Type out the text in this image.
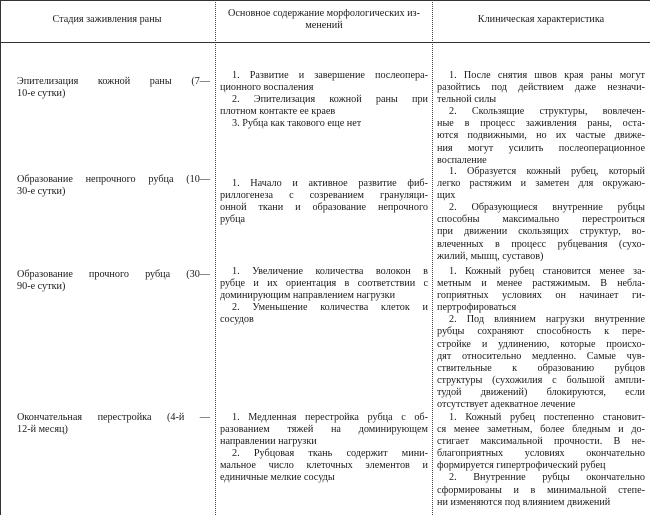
Стадия заживления раны
Основное содержание морфологических из-
менений
Клиническая характеристика
Эпителизация кожной раны (7—
10-е сутки)
1. Развитие и завершение послеопера-
ционного воспаления
2. Эпителизация кожной раны при
плотном контакте ее краев
3. Рубца как такового еще нет
1. После снятия швов края раны могут
разойтись под действием даже незначи-
тельной силы
2. Скользящие структуры, вовлечен-
ные в процесс заживления раны, оста-
ются подвижными, но их частые движе-
ния могут усилить послеоперационное
воспаление
Образование непрочного рубца (10—
30-е сутки)
1. Начало и активное развитие фиб-
риллогенеза с созреванием грануляци-
онной ткани и образование непрочного
рубца
1. Образуется кожный рубец, который
легко растяжим и заметен для окружаю-
щих
2. Образующиеся внутренние рубцы
способны максимально перестроиться
при движении скользящих структур, во-
влеченных в процесс рубцевания (сухо-
жилий, мышц, суставов)
Образование прочного рубца (30—
90-е сутки)
1. Увеличение количества волокон в
рубце и их ориентация в соответствии с
доминирующим направлением нагрузки
2. Уменьшение количества клеток и
сосудов
1. Кожный рубец становится менее за-
метным и менее растяжимым. В небла-
гоприятных условиях он начинает ги-
пертрофироваться
2. Под влиянием нагрузки внутренние
рубцы сохраняют способность к пере-
стройке и удлинению, которые происхо-
дят относительно медленно. Самые чув-
ствительные к образованию рубцов
структуры (сухожилия с большой ампли-
тудой движений) блокируются, если
отсутствует адекватное лечение
Окончательная перестройка (4-й —
12-й месяц)
1. Медленная перестройка рубца с об-
разованием тяжей на доминирующем
направлении нагрузки
2. Рубцовая ткань содержит мини-
мальное число клеточных элементов и
единичные мелкие сосуды
1. Кожный рубец постепенно становит-
ся менее заметным, более бледным и до-
стигает максимальной прочности. В не-
благоприятных условиях окончательно
формируется гипертрофический рубец
2. Внутренние рубцы окончательно
сформированы и в минимальной степе-
ни изменяются под влиянием движений
